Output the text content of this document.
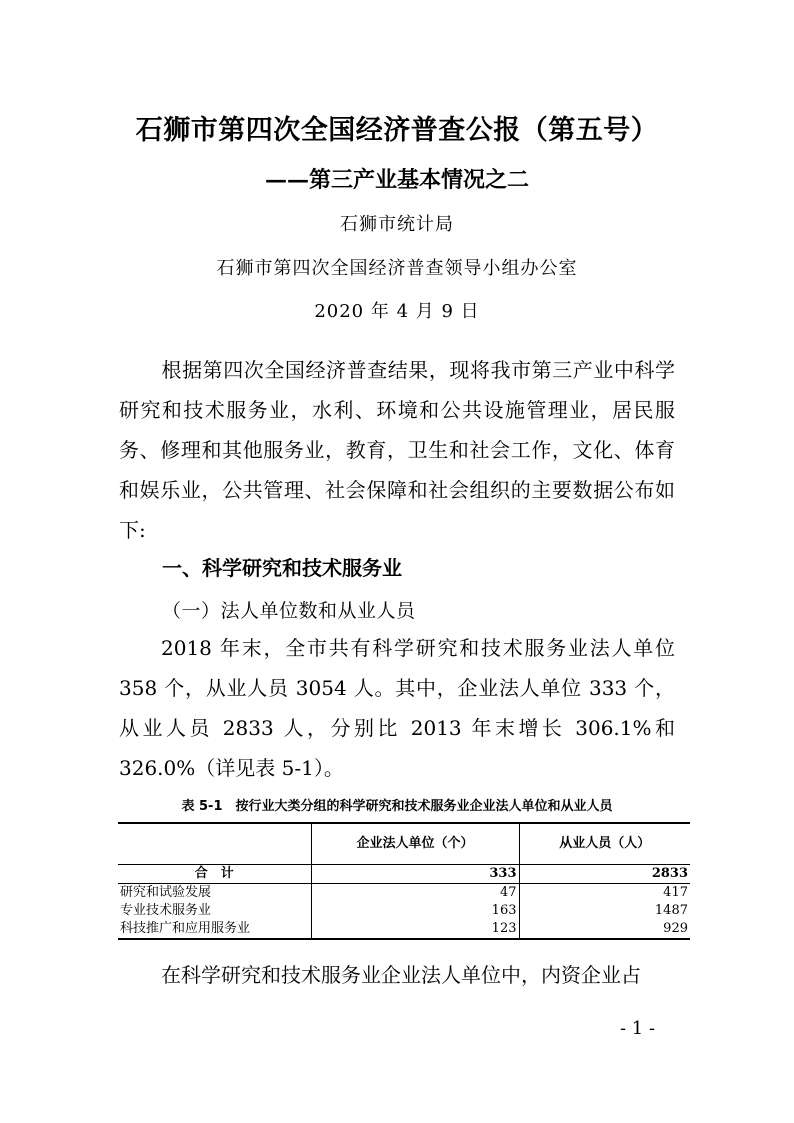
石狮市第四次全国经济普查公报（第五号）
——第三产业基本情况之二
石狮市统计局
石狮市第四次全国经济普查领导小组办公室
2020 年 4 月 9 日
根据第四次全国经济普查结果，现将我市第三产业中科学研究和技术服务业，水利、环境和公共设施管理业，居民服务、修理和其他服务业，教育，卫生和社会工作，文化、体育和娱乐业，公共管理、社会保障和社会组织的主要数据公布如下:
一、科学研究和技术服务业
（一）法人单位数和从业人员
2018 年末，全市共有科学研究和技术服务业法人单位 358 个，从业人员 3054 人。其中，企业法人单位 333 个，从业人员 2833 人，分别比 2013 年末增长 306.1%和 326.0%（详见表 5-1）。
表 5-1　按行业大类分组的科学研究和技术服务业企业法人单位和从业人员
	企业法人单位（个）	从业人员（人）
合　计	333	2833
研究和试验发展	47	417
专业技术服务业	163	1487
科技推广和应用服务业	123	929
在科学研究和技术服务业企业法人单位中，内资企业占
- 1 -
